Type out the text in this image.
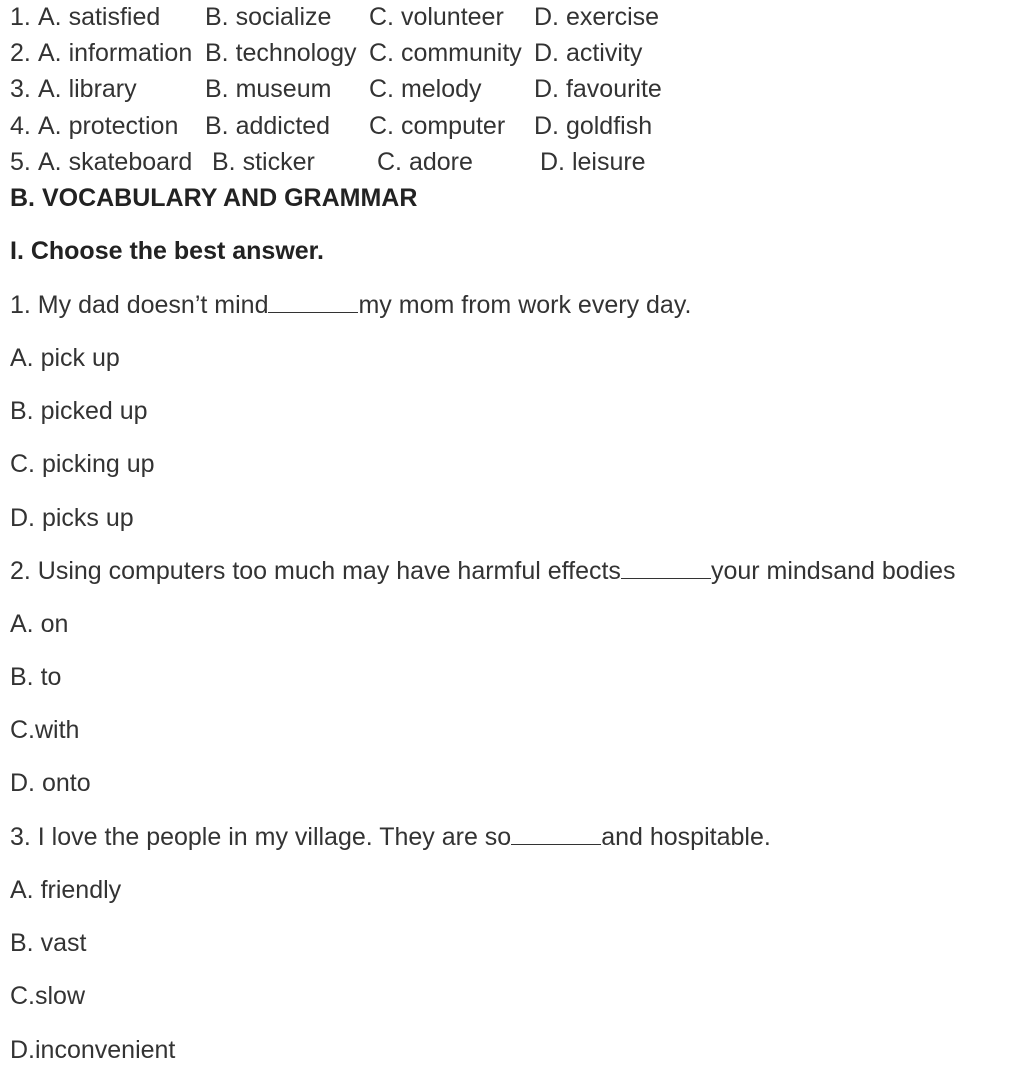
1. A. satisfied B. socialize C. volunteer D. exercise
2. A. information B. technology C. community D. activity
3. A. library	B. museum C. melody D. favourite
4. A. protection B. addicted C. computer D. goldfish
5. A. skateboard B. sticker C. adore	D. leisure
B. VOCABULARY AND GRAMMAR
I. Choose the best answer.
1. My dad doesn’t mind	my mom from work every day.
A. pick up
B. picked up
C. picking up
D. picks up
2. Using computers too much may have harmful effects	your mindsand bodies
A. on
B. to
C.with
D. onto
3. I love the people in my village. They are so	and hospitable.
A. friendly
B. vast
C.slow
D.inconvenient
